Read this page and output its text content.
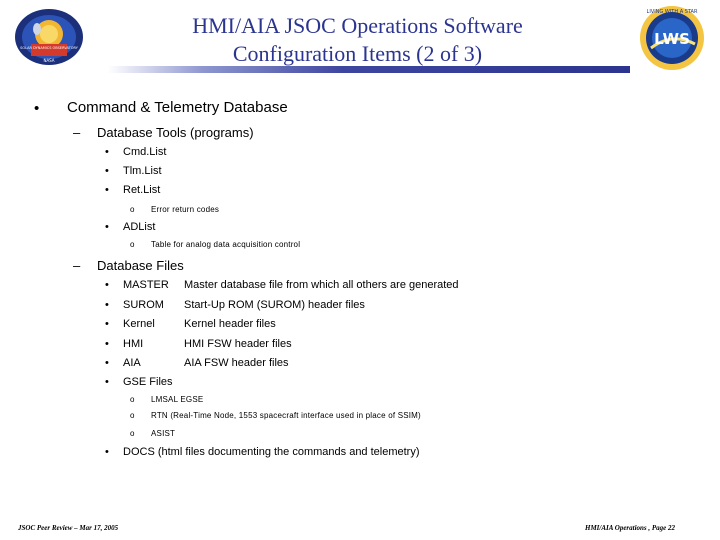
SOLAR DYNAMICS OBSERVATORY
NASA
HMI/AIA JSOC Operations Software
Configuration Items (2 of 3)
LWS
LIVING WITH A STAR
• Command & Telemetry Database
– Database Tools (programs)
• Cmd.List
• Tlm.List
• Ret.List
o Error return codes
• ADList
o Table for analog data acquisition control
– Database Files
• MASTER Master database file from which all others are generated
• SUROM Start-Up ROM (SUROM) header files
• Kernel	Kernel header files
• HMI	HMI FSW header files
• AIA	AIA FSW header files
• GSE Files
o LMSAL EGSE
o RTN (Real-Time Node, 1553 spacecraft interface used in place of SSIM)
o ASIST
• DOCS (html files documenting the commands and telemetry)
JSOC Peer Review – Mar 17, 2005	HMI/AIA Operations , Page 22
